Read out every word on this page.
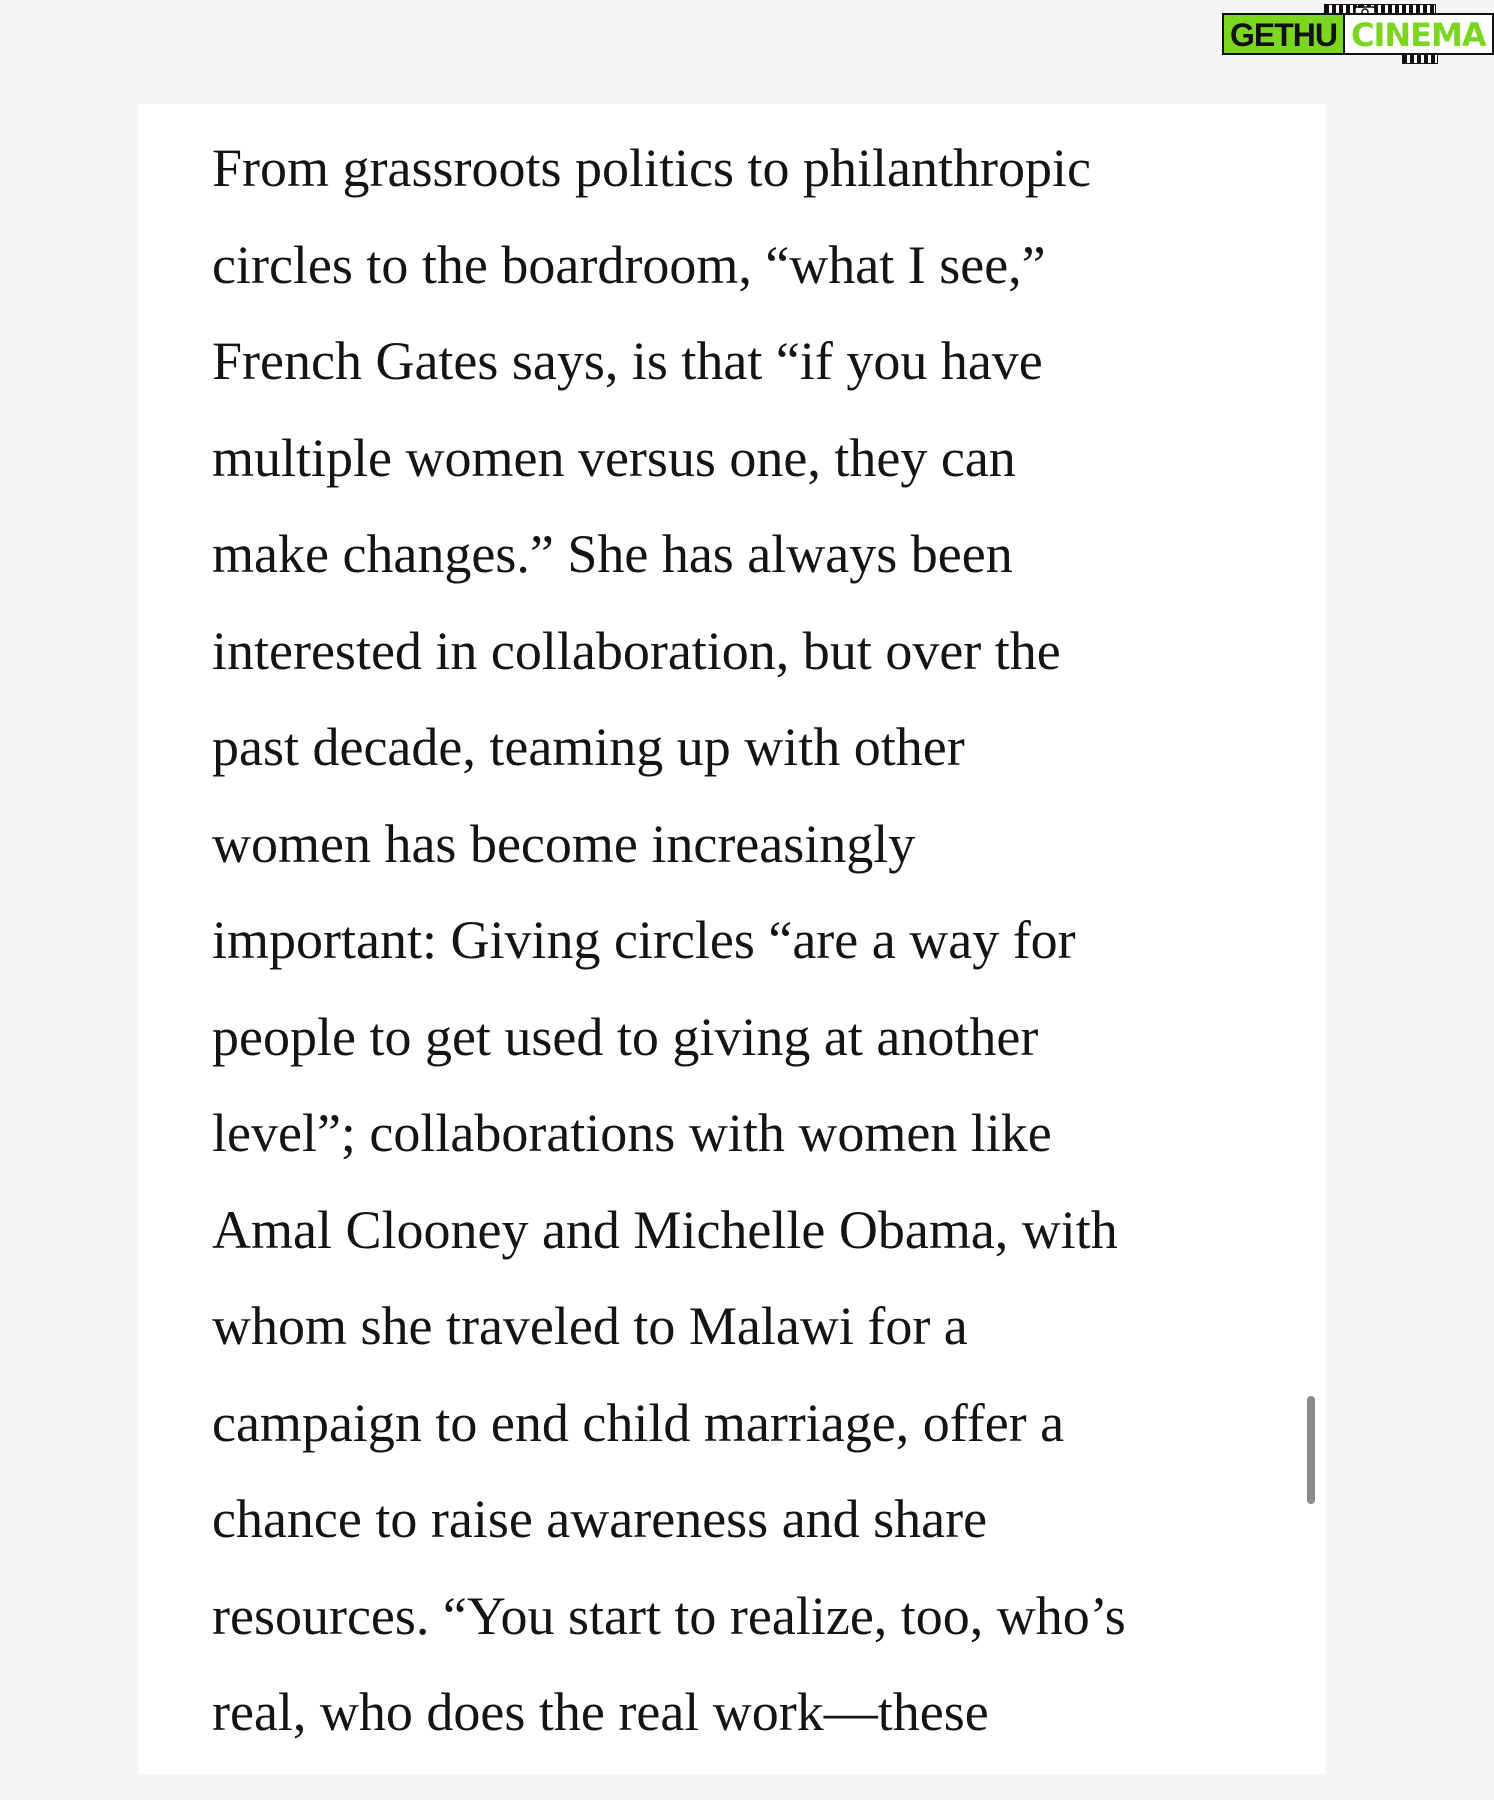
From grassroots politics to philanthropic
circles to the boardroom, “what I see,”
French Gates says, is that “if you have
multiple women versus one, they can
make changes.” She has always been
interested in collaboration, but over the
past decade, teaming up with other
women has become increasingly
important: Giving circles “are a way for
people to get used to giving at another
level”; collaborations with women like
Amal Clooney and Michelle Obama, with
whom she traveled to Malawi for a
campaign to end child marriage, offer a
chance to raise awareness and share
resources. “You start to realize, too, who’s
real, who does the real work—these
GETHU CINEMA
